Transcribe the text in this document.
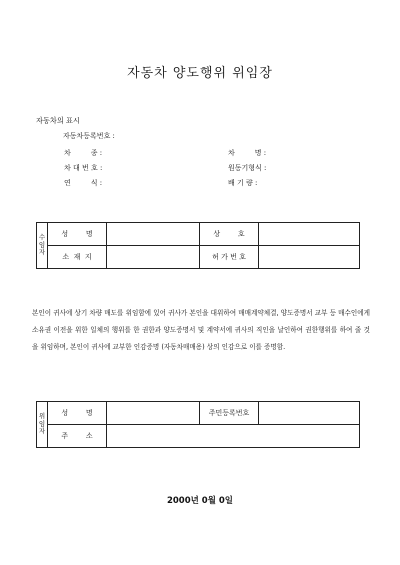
자동차 양도행위 위임장
자동차의 표시
자동차등록번호 :
차         종 :	차         명 :
차 대 번 호 :	원동기형식 :
연         식 :	배 기 량 :
수
임
자	성        명		상        호	
	소  재  지		허 가 번 호	
본인이 귀사에 상기 차량 매도를 위임함에 있어 귀사가 본인을 대위하여 매매계약체결, 양도증명서 교부 등 매수인에게 소유권 이전을 위한 일체의 행위를 한 권한과 양도증명서 및 계약서에 귀사의 직인을 날인하여 권한행위를 하여 줄 것을 위임하며, 본인이 귀사에 교부한 인감증명 (자동차매매용) 상의 인감으로 이를 증명함.
위
임
자	성        명		주민등록번호	
	주        소			
2000년 0월 0일
